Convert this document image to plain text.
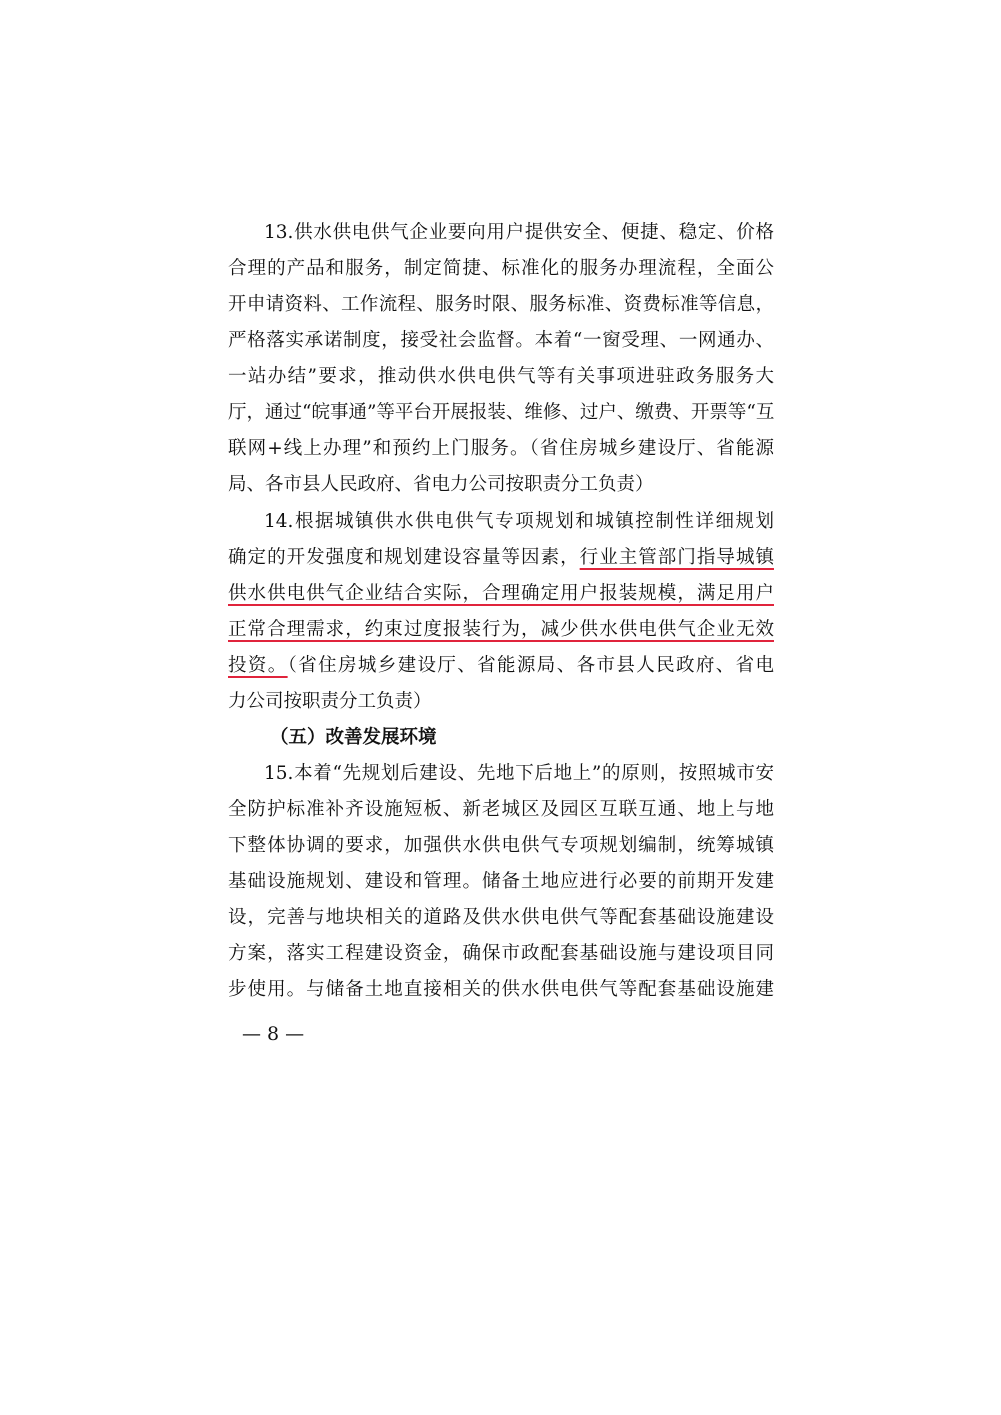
13.供水供电供气企业要向用户提供安全、便捷、稳定、价格
合理的产品和服务，制定简捷、标准化的服务办理流程，全面公
开申请资料、工作流程、服务时限、服务标准、资费标准等信息，
严格落实承诺制度，接受社会监督。本着“一窗受理、一网通办、
一站办结”要求，推动供水供电供气等有关事项进驻政务服务大
厅，通过“皖事通”等平台开展报装、维修、过户、缴费、开票等“互
联网+线上办理”和预约上门服务。（省住房城乡建设厅、省能源
局、各市县人民政府、省电力公司按职责分工负责）
14.根据城镇供水供电供气专项规划和城镇控制性详细规划
确定的开发强度和规划建设容量等因素，行业主管部门指导城镇
供水供电供气企业结合实际，合理确定用户报装规模，满足用户
正常合理需求，约束过度报装行为，减少供水供电供气企业无效
投资。（省住房城乡建设厅、省能源局、各市县人民政府、省电
力公司按职责分工负责）
（五）改善发展环境
15.本着“先规划后建设、先地下后地上”的原则，按照城市安
全防护标准补齐设施短板、新老城区及园区互联互通、地上与地
下整体协调的要求，加强供水供电供气专项规划编制，统筹城镇
基础设施规划、建设和管理。储备土地应进行必要的前期开发建
设，完善与地块相关的道路及供水供电供气等配套基础设施建设
方案，落实工程建设资金，确保市政配套基础设施与建设项目同
步使用。与储备土地直接相关的供水供电供气等配套基础设施建
— 8 —
